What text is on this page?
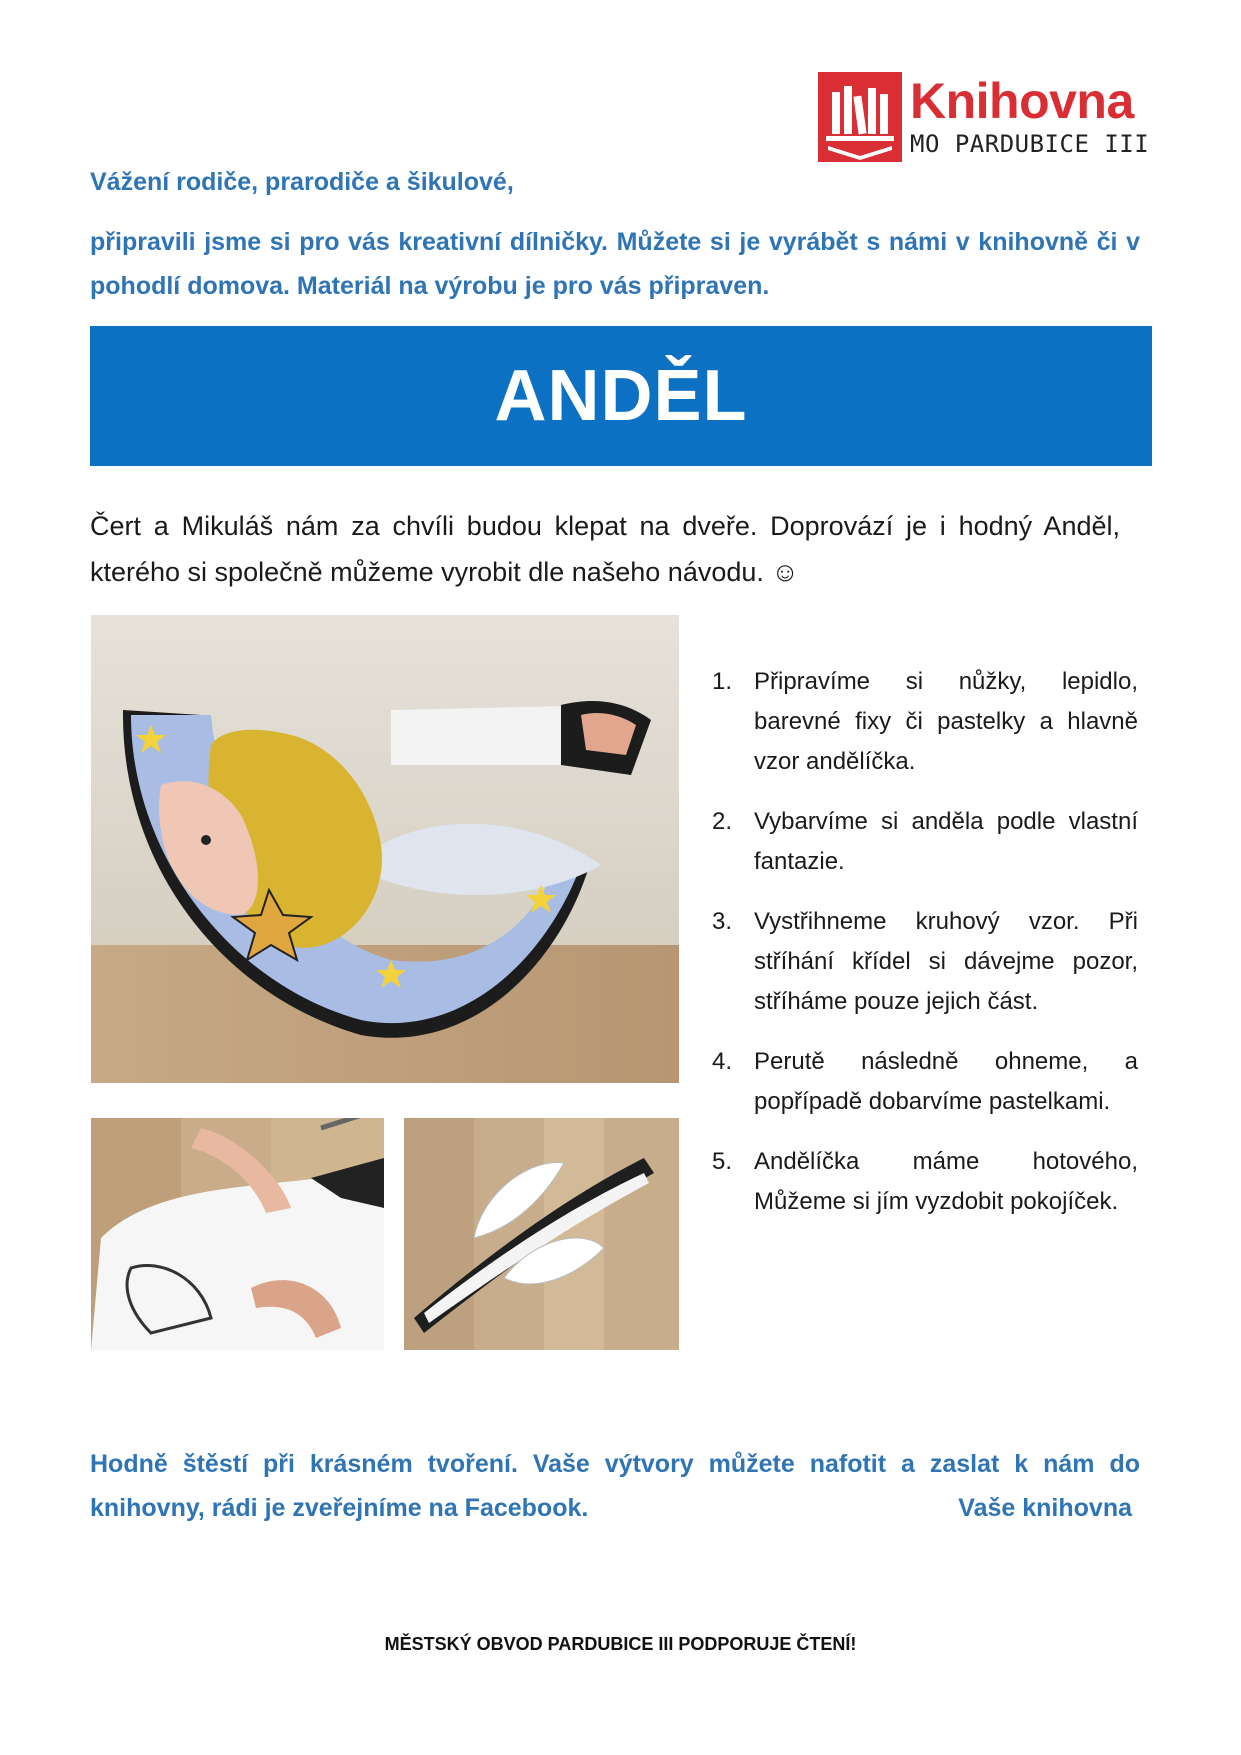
Knihovna
MO PARDUBICE III
Vážení rodiče, prarodiče a šikulové,
připravili jsme si pro vás kreativní dílničky. Můžete si je vyrábět s námi v knihovně či v pohodlí domova. Materiál na výrobu je pro vás připraven.
ANDĚL
Čert a Mikuláš nám za chvíli budou klepat na dveře. Doprovází je i hodný Anděl, kterého si společně můžeme vyrobit dle našeho návodu. ☺
1. Připravíme si nůžky, lepidlo, barevné fixy či pastelky a hlavně vzor andělíčka.
2. Vybarvíme si anděla podle vlastní fantazie.
3. Vystřihneme kruhový vzor. Při stříhání křídel si dávejme pozor, stříháme pouze jejich část.
4. Perutě následně ohneme, a popřípadě dobarvíme pastelkami.
5. Andělíčka máme hotového, Můžeme si jím vyzdobit pokojíček.
Hodně štěstí při krásném tvoření. Vaše výtvory můžete nafotit a zaslat k nám do knihovny, rádi je zveřejníme na Facebook.	Vaše knihovna
MĚSTSKÝ OBVOD PARDUBICE III PODPORUJE ČTENÍ!
